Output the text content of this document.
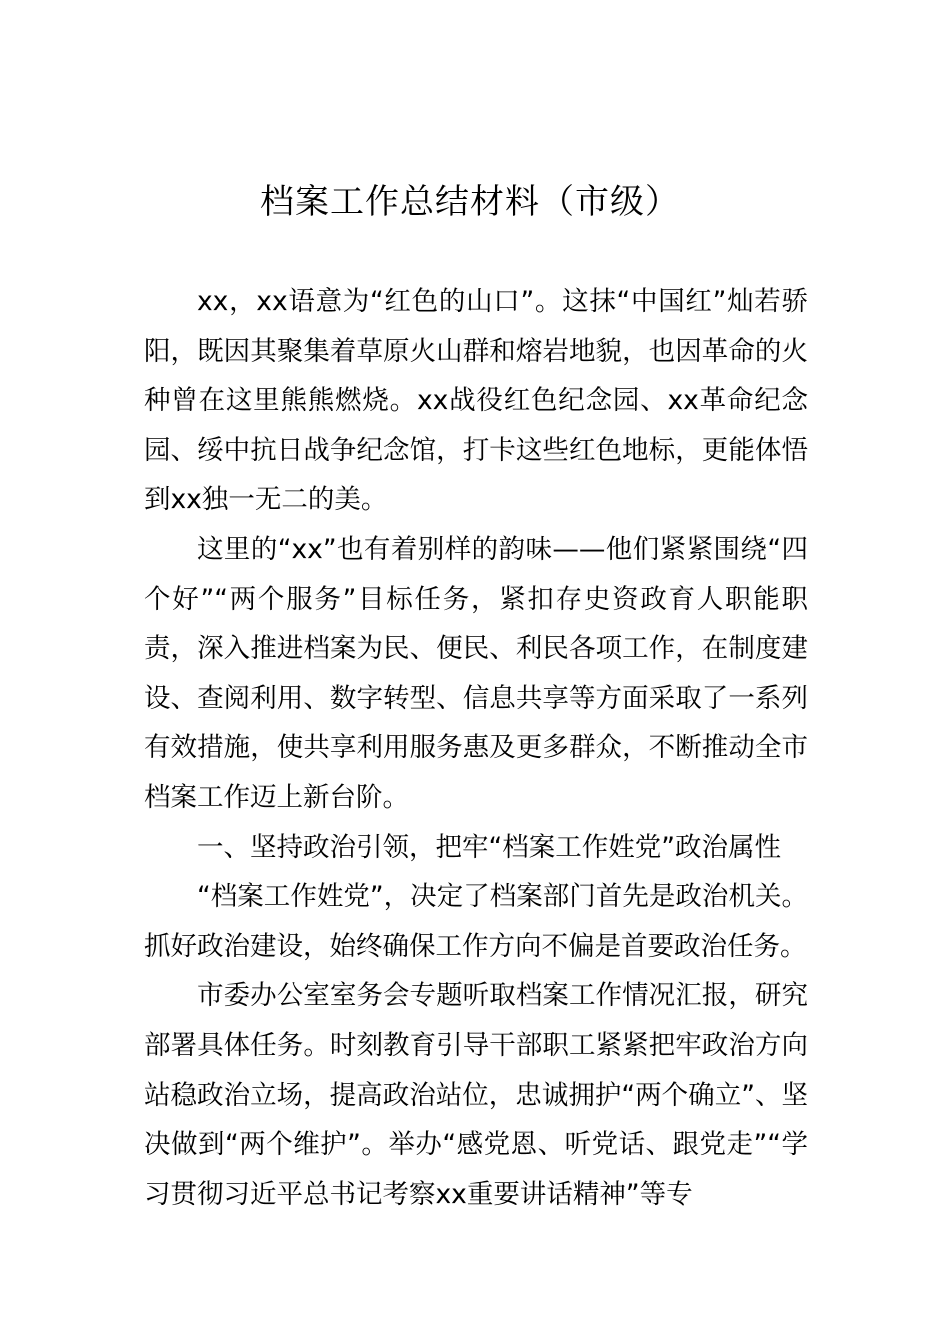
档案工作总结材料（市级）

xx，xx语意为“红色的山口”。这抹“中国红”灿若骄阳，既因其聚集着草原火山群和熔岩地貌，也因革命的火种曾在这里熊熊燃烧。xx战役红色纪念园、xx革命纪念园、绥中抗日战争纪念馆，打卡这些红色地标，更能体悟到xx独一无二的美。

这里的“xx”也有着别样的韵味——他们紧紧围绕“四个好”“两个服务”目标任务，紧扣存史资政育人职能职责，深入推进档案为民、便民、利民各项工作，在制度建设、查阅利用、数字转型、信息共享等方面采取了一系列有效措施，使共享利用服务惠及更多群众，不断推动全市档案工作迈上新台阶。

一、坚持政治引领，把牢“档案工作姓党”政治属性

“档案工作姓党”，决定了档案部门首先是政治机关。抓好政治建设，始终确保工作方向不偏是首要政治任务。

市委办公室室务会专题听取档案工作情况汇报，研究部署具体任务。时刻教育引导干部职工紧紧把牢政治方向站稳政治立场，提高政治站位，忠诚拥护“两个确立”、坚决做到“两个维护”。举办“感党恩、听党话、跟党走”“学习贯彻习近平总书记考察xx重要讲话精神”等专
